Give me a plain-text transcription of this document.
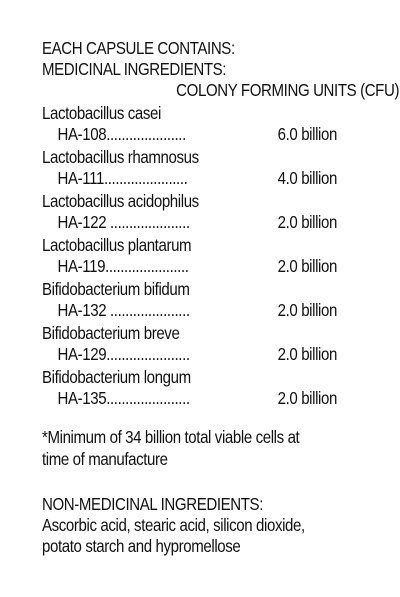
EACH CAPSULE CONTAINS:
MEDICINAL INGREDIENTS:
COLONY FORMING UNITS (CFU)
Lactobacillus casei
HA-108.....................	6.0 billion
Lactobacillus rhamnosus
HA-111......................	4.0 billion
Lactobacillus acidophilus
HA-122 .....................	2.0 billion
Lactobacillus plantarum
HA-119......................	2.0 billion
Bifidobacterium bifidum
HA-132 .....................	2.0 billion
Bifidobacterium breve
HA-129......................	2.0 billion
Bifidobacterium longum
HA-135......................	2.0 billion
*Minimum of 34 billion total viable cells at
time of manufacture
NON-MEDICINAL INGREDIENTS:
Ascorbic acid, stearic acid, silicon dioxide,
potato starch and hypromellose
